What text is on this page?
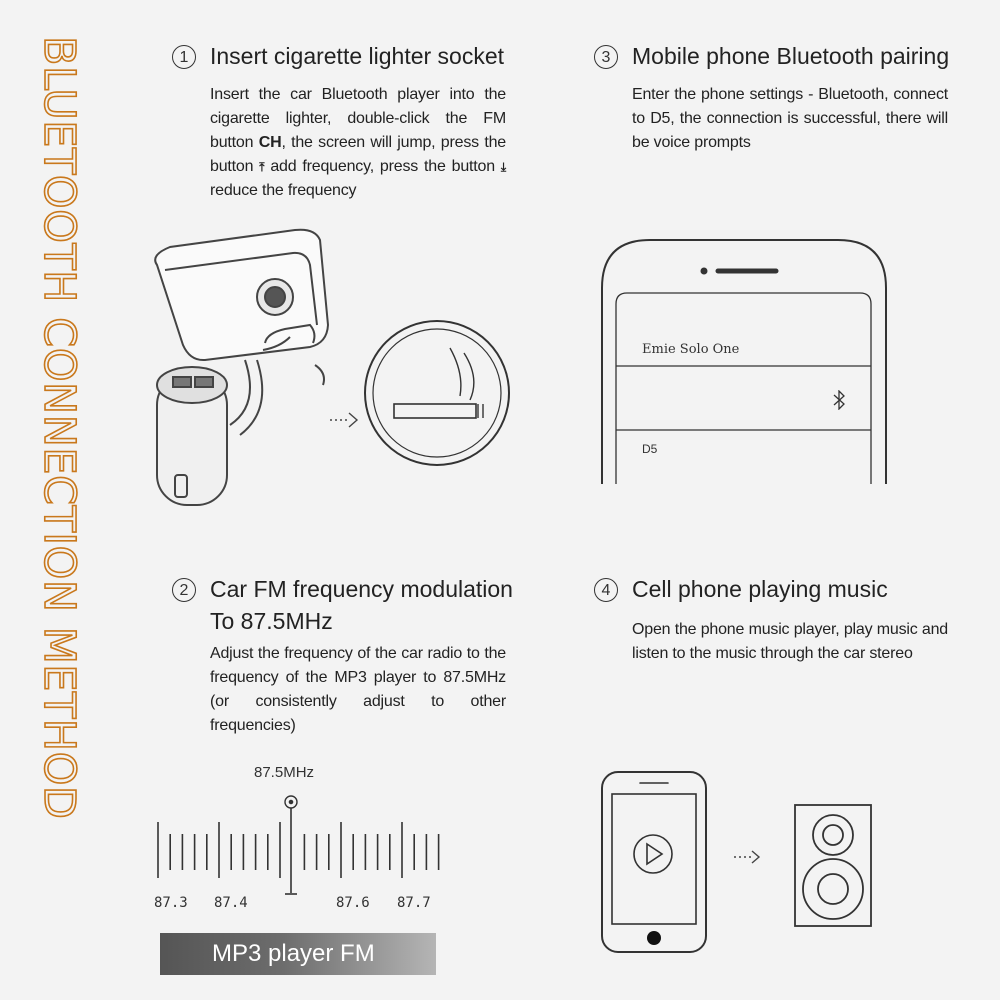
BLUETOOTH CONNECTION METHOD	1 Insert cigarette lighter socket
Insert the car Bluetooth player into the cigarette lighter, double-click the FM button CH, the screen will jump, press the button ⤒ add frequency, press the button ⤓ reduce the frequency
3 Mobile phone Bluetooth pairing
Enter the phone settings - Bluetooth, connect to D5, the connection is successful, there will be voice prompts
Emie Solo One
D5
2 Car FM frequency modulation
To 87.5MHz
Adjust the frequency of the car radio to the frequency of the MP3 player to 87.5MHz (or consistently adjust to other frequencies)
87.5MHz
87.3 87.4	87.6 87.7
MP3 player FM
4 Cell phone playing music
Open the phone music player, play music and listen to the music through the car stereo
